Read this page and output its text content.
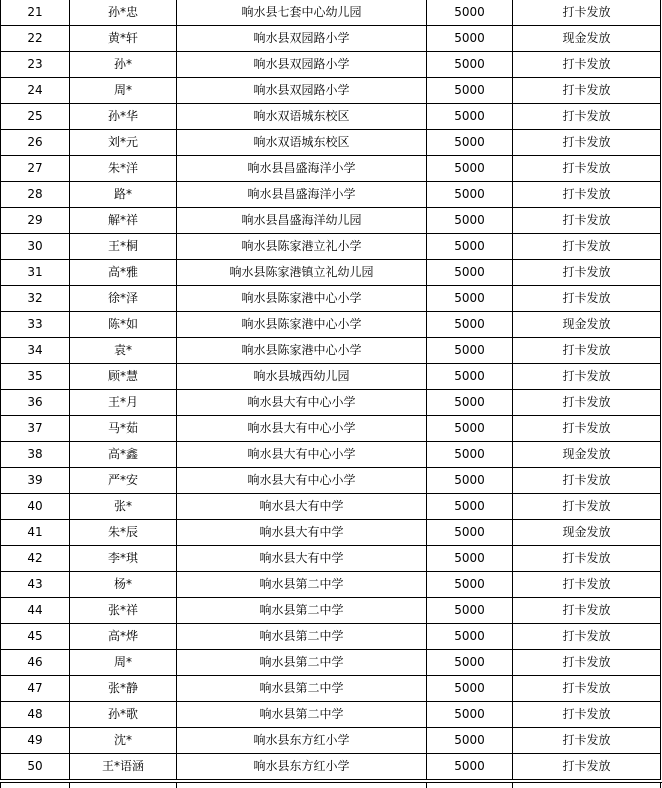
21	孙*忠	响水县七套中心幼儿园	5000	打卡发放
22	黄*轩	响水县双园路小学	5000	现金发放
23	孙*	响水县双园路小学	5000	打卡发放
24	周*	响水县双园路小学	5000	打卡发放
25	孙*华	响水双语城东校区	5000	打卡发放
26	刘*元	响水双语城东校区	5000	打卡发放
27	朱*洋	响水县昌盛海洋小学	5000	打卡发放
28	路*	响水县昌盛海洋小学	5000	打卡发放
29	解*祥	响水县昌盛海洋幼儿园	5000	打卡发放
30	王*桐	响水县陈家港立礼小学	5000	打卡发放
31	高*雅	响水县陈家港镇立礼幼儿园	5000	打卡发放
32	徐*泽	响水县陈家港中心小学	5000	打卡发放
33	陈*如	响水县陈家港中心小学	5000	现金发放
34	袁*	响水县陈家港中心小学	5000	打卡发放
35	顾*慧	响水县城西幼儿园	5000	打卡发放
36	王*月	响水县大有中心小学	5000	打卡发放
37	马*茹	响水县大有中心小学	5000	打卡发放
38	高*鑫	响水县大有中心小学	5000	现金发放
39	严*安	响水县大有中心小学	5000	打卡发放
40	张*	响水县大有中学	5000	打卡发放
41	朱*辰	响水县大有中学	5000	现金发放
42	李*琪	响水县大有中学	5000	打卡发放
43	杨*	响水县第二中学	5000	打卡发放
44	张*祥	响水县第二中学	5000	打卡发放
45	高*烨	响水县第二中学	5000	打卡发放
46	周*	响水县第二中学	5000	打卡发放
47	张*静	响水县第二中学	5000	打卡发放
48	孙*歌	响水县第二中学	5000	打卡发放
49	沈*	响水县东方红小学	5000	打卡发放
50	王*语涵	响水县东方红小学	5000	打卡发放
